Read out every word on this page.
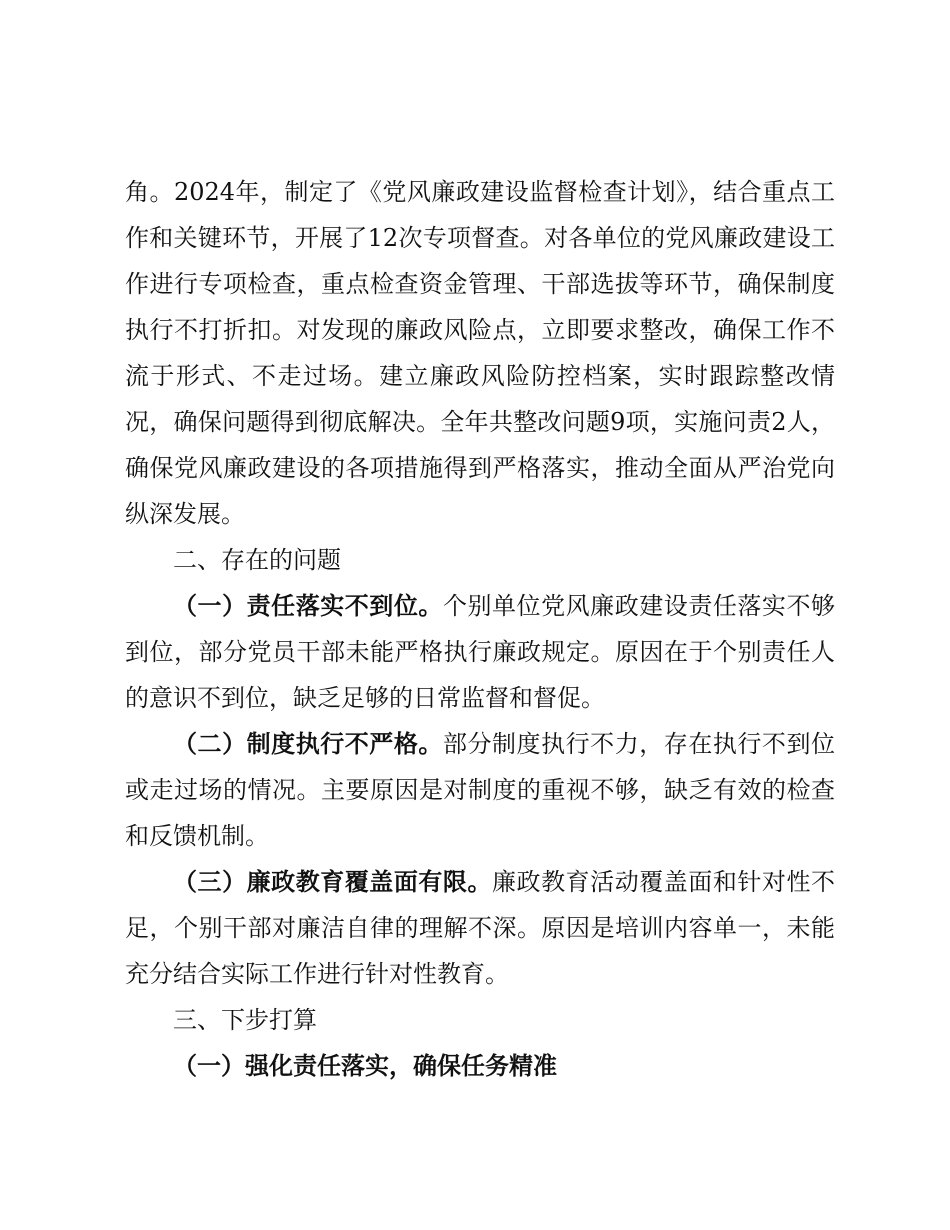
角。2024年，制定了《党风廉政建设监督检查计划》，结合重点工作和关键环节，开展了12次专项督查。对各单位的党风廉政建设工作进行专项检查，重点检查资金管理、干部选拔等环节，确保制度执行不打折扣。对发现的廉政风险点，立即要求整改，确保工作不流于形式、不走过场。建立廉政风险防控档案，实时跟踪整改情况，确保问题得到彻底解决。全年共整改问题9项，实施问责2人，确保党风廉政建设的各项措施得到严格落实，推动全面从严治党向纵深发展。

二、存在的问题

（一）责任落实不到位。个别单位党风廉政建设责任落实不够到位，部分党员干部未能严格执行廉政规定。原因在于个别责任人的意识不到位，缺乏足够的日常监督和督促。

（二）制度执行不严格。部分制度执行不力，存在执行不到位或走过场的情况。主要原因是对制度的重视不够，缺乏有效的检查和反馈机制。

（三）廉政教育覆盖面有限。廉政教育活动覆盖面和针对性不足，个别干部对廉洁自律的理解不深。原因是培训内容单一，未能充分结合实际工作进行针对性教育。

三、下步打算

（一）强化责任落实，确保任务精准
